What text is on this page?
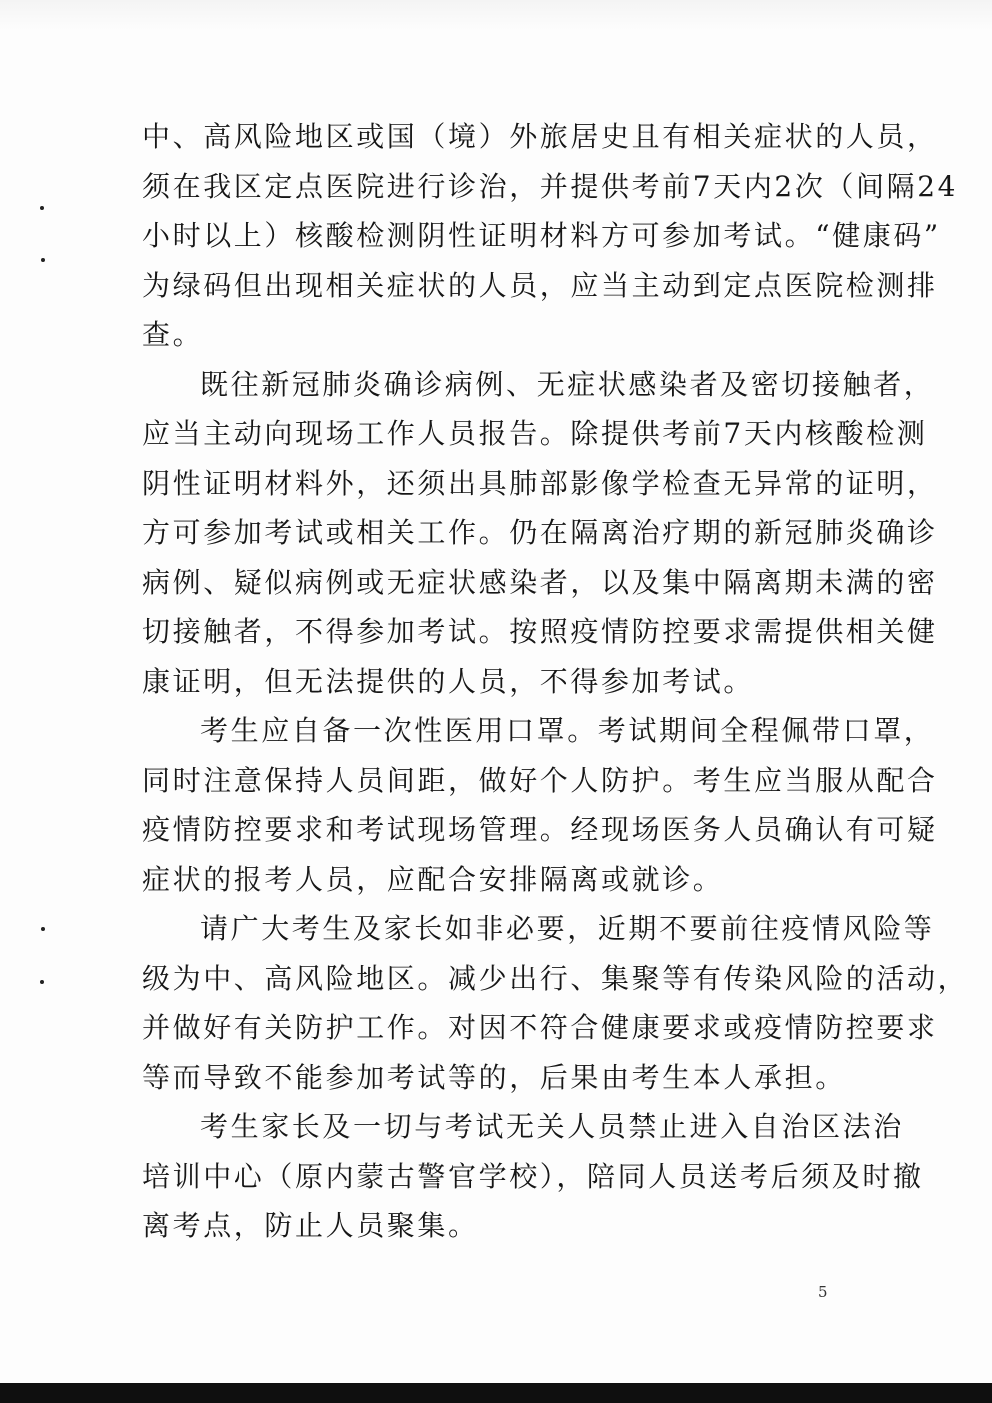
中、高风险地区或国（境）外旅居史且有相关症状的人员，
须在我区定点医院进行诊治，并提供考前7天内2次（间隔24
小时以上）核酸检测阴性证明材料方可参加考试。“健康码”
为绿码但出现相关症状的人员，应当主动到定点医院检测排
查。
既往新冠肺炎确诊病例、无症状感染者及密切接触者，
应当主动向现场工作人员报告。除提供考前7天内核酸检测
阴性证明材料外，还须出具肺部影像学检查无异常的证明，
方可参加考试或相关工作。仍在隔离治疗期的新冠肺炎确诊
病例、疑似病例或无症状感染者，以及集中隔离期未满的密
切接触者，不得参加考试。按照疫情防控要求需提供相关健
康证明，但无法提供的人员，不得参加考试。
考生应自备一次性医用口罩。考试期间全程佩带口罩，
同时注意保持人员间距，做好个人防护。考生应当服从配合
疫情防控要求和考试现场管理。经现场医务人员确认有可疑
症状的报考人员，应配合安排隔离或就诊。
请广大考生及家长如非必要，近期不要前往疫情风险等
级为中、高风险地区。减少出行、集聚等有传染风险的活动，
并做好有关防护工作。对因不符合健康要求或疫情防控要求
等而导致不能参加考试等的，后果由考生本人承担。
考生家长及一切与考试无关人员禁止进入自治区法治
培训中心（原内蒙古警官学校），陪同人员送考后须及时撤
离考点，防止人员聚集。
5
